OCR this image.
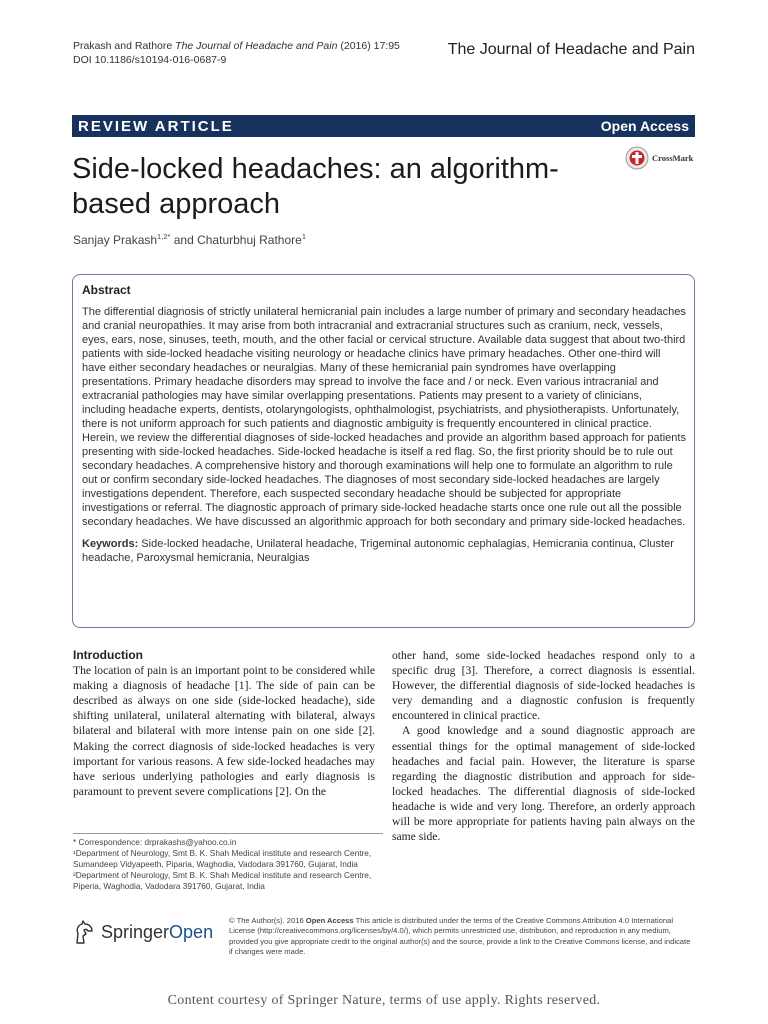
Prakash and Rathore The Journal of Headache and Pain (2016) 17:95
DOI 10.1186/s10194-016-0687-9
The Journal of Headache and Pain
REVIEW ARTICLE	Open Access
Side-locked headaches: an algorithm-based approach
CrossMark
Sanjay Prakash$^{1,2*}$ and Chaturbhuj Rathore$^1$
Abstract

The differential diagnosis of strictly unilateral hemicranial pain includes a large number of primary and secondary headaches and cranial neuropathies. It may arise from both intracranial and extracranial structures such as cranium, neck, vessels, eyes, ears, nose, sinuses, teeth, mouth, and the other facial or cervical structure. Available data suggest that about two-third patients with side-locked headache visiting neurology or headache clinics have primary headaches. Other one-third will have either secondary headaches or neuralgias. Many of these hemicranial pain syndromes have overlapping presentations. Primary headache disorders may spread to involve the face and / or neck. Even various intracranial and extracranial pathologies may have similar overlapping presentations. Patients may present to a variety of clinicians, including headache experts, dentists, otolaryngologists, ophthalmologist, psychiatrists, and physiotherapists. Unfortunately, there is not uniform approach for such patients and diagnostic ambiguity is frequently encountered in clinical practice.

Herein, we review the differential diagnoses of side-locked headaches and provide an algorithm based approach for patients presenting with side-locked headaches. Side-locked headache is itself a red flag. So, the first priority should be to rule out secondary headaches. A comprehensive history and thorough examinations will help one to formulate an algorithm to rule out or confirm secondary side-locked headaches. The diagnoses of most secondary side-locked headaches are largely investigations dependent. Therefore, each suspected secondary headache should be subjected for appropriate investigations or referral. The diagnostic approach of primary side-locked headache starts once one rule out all the possible secondary headaches. We have discussed an algorithmic approach for both secondary and primary side-locked headaches.

Keywords: Side-locked headache, Unilateral headache, Trigeminal autonomic cephalagias, Hemicrania continua, Cluster headache, Paroxysmal hemicrania, Neuralgias

Introduction

The location of pain is an important point to be considered while making a diagnosis of headache [1]. The side of pain can be described as always on one side (side-locked headache), side shifting unilateral, unilateral alternating with bilateral, always bilateral and bilateral with more intense pain on one side [2]. Making the correct diagnosis of side-locked headaches is very important for various reasons. A few side-locked headaches may have serious underlying pathologies and early diagnosis is paramount to prevent severe complications [2]. On the

other hand, some side-locked headaches respond only to a specific drug [3]. Therefore, a correct diagnosis is essential. However, the differential diagnosis of side-locked headaches is very demanding and a diagnostic confusion is frequently encountered in clinical practice.

A good knowledge and a sound diagnostic approach are essential things for the optimal management of side-locked headaches and facial pain. However, the literature is sparse regarding the diagnostic distribution and approach for side-locked headaches. The differential diagnosis of side-locked headache is wide and very long. Therefore, an orderly approach will be more appropriate for patients having pain always on the same side.

* Correspondence: drprakashs@yahoo.co.in
¹Department of Neurology, Smt B. K. Shah Medical institute and research Centre, Sumandeep Vidyapeeth, Piparia, Waghodia, Vadodara 391760, Gujarat, India
²Department of Neurology, Smt B. K. Shah Medical institute and research Centre, Piperia, Waghodia, Vadodara 391760, Gujarat, India
SpringerOpen
© The Author(s). 2016 Open Access This article is distributed under the terms of the Creative Commons Attribution 4.0 International License (http://creativecommons.org/licenses/by/4.0/), which permits unrestricted use, distribution, and reproduction in any medium, provided you give appropriate credit to the original author(s) and the source, provide a link to the Creative Commons license, and indicate if changes were made.
Content courtesy of Springer Nature, terms of use apply. Rights reserved.
